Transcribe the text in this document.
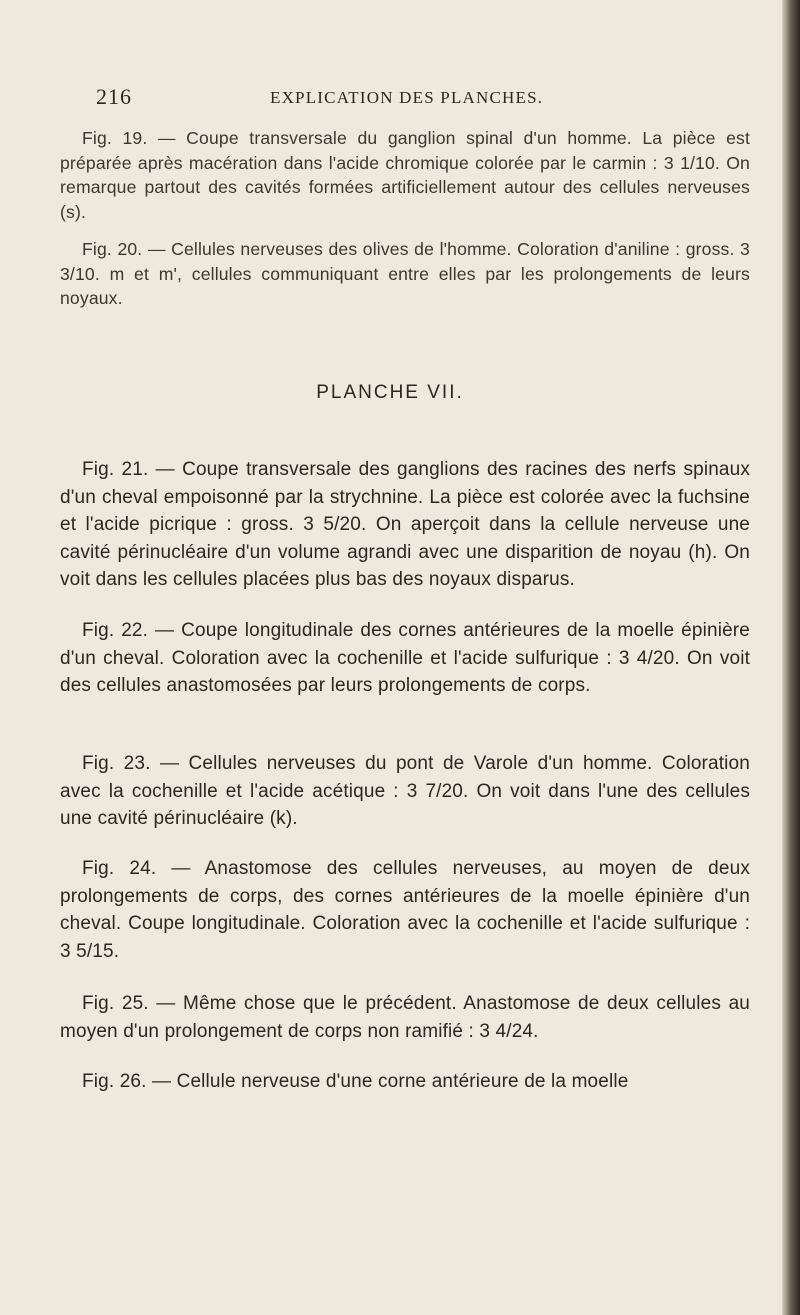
216	EXPLICATION DES PLANCHES.

Fig. 19. — Coupe transversale du ganglion spinal d'un homme. La pièce est préparée après macération dans l'acide chromique colorée par le carmin : 3 1/10. On remarque partout des cavités formées artificiellement autour des cellules nerveuses (s).

Fig. 20. — Cellules nerveuses des olives de l'homme. Coloration d'aniline : gross. 3 3/10. m et m', cellules communiquant entre elles par les prolongements de leurs noyaux.

PLANCHE VII.

Fig. 21. — Coupe transversale des ganglions des racines des nerfs spinaux d'un cheval empoisonné par la strychnine. La pièce est colorée avec la fuchsine et l'acide picrique : gross. 3 5/20. On aperçoit dans la cellule nerveuse une cavité périnucléaire d'un volume agrandi avec une disparition de noyau (h). On voit dans les cellules placées plus bas des noyaux disparus.

Fig. 22. — Coupe longitudinale des cornes antérieures de la moelle épinière d'un cheval. Coloration avec la cochenille et l'acide sulfurique : 3 4/20. On voit des cellules anastomosées par leurs prolongements de corps.

Fig. 23. — Cellules nerveuses du pont de Varole d'un homme. Coloration avec la cochenille et l'acide acétique : 3 7/20. On voit dans l'une des cellules une cavité périnucléaire (k).

Fig. 24. — Anastomose des cellules nerveuses, au moyen de deux prolongements de corps, des cornes antérieures de la moelle épinière d'un cheval. Coupe longitudinale. Coloration avec la cochenille et l'acide sulfurique : 3 5/15.

Fig. 25. — Même chose que le précédent. Anastomose de deux cellules au moyen d'un prolongement de corps non ramifié : 3 4/24.

Fig. 26. — Cellule nerveuse d'une corne antérieure de la moelle
